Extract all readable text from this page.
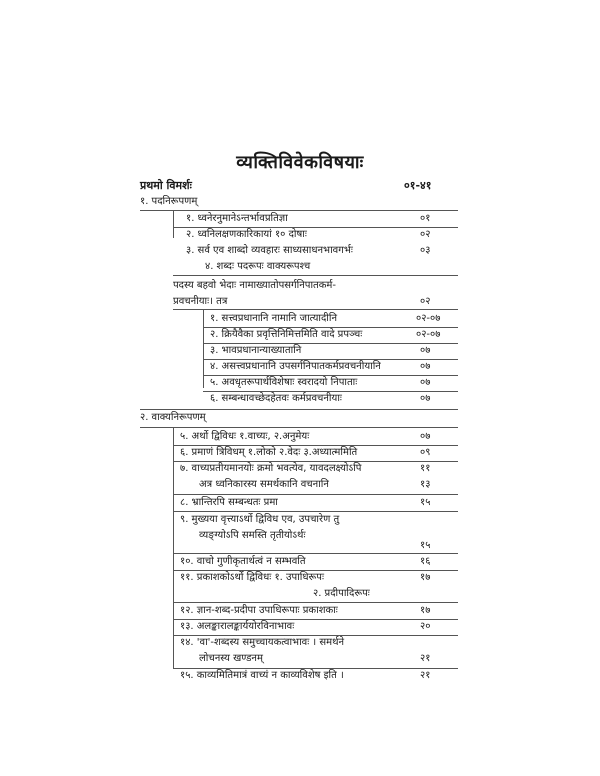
व्यक्तिविवेकविषयाः
प्रथमो विमर्शः	०१-४१
१. पदनिरूपणम्
१. ध्वनेरनुमानेऽन्तर्भावप्रतिज्ञा	०१
२. ध्वनिलक्षणकारिकायां १० दोषाः	०२
३. सर्व एव शाब्दो व्यवहारः साध्यसाधनभावगर्भः	०३
४. शब्दः पदरूपः वाक्यरूपश्च
पदस्य बहवो भेदाः नामाख्यातोपसर्गनिपातकर्म-
प्रवचनीयाः। तत्र	०२
१. सत्त्वप्रधानानि नामानि जात्यादीनि	०२-०७
२. क्रियैवैका प्रवृत्तिनिमित्तमिति वादे प्रपञ्चः	०२-०७
३. भावप्रधानान्याख्यातानि	०७
४. असत्त्वप्रधानानि उपसर्गनिपातकर्मप्रवचनीयानि	०७
५. अवधृतरूपार्थविशेषाः स्वरादयो निपाताः	०७
६. सम्बन्धावच्छेदहेतवः कर्मप्रवचनीयाः	०७
२. वाक्यनिरूपणम्
५. अर्थो द्विविधः १.वाच्यः, २.अनुमेयः	०७
६. प्रमाणं त्रिविधम् १.लोको २.वेदः ३.अध्यात्ममिति	०९
७. वाच्यप्रतीयमानयोः क्रमो भवत्येव, यावदलक्ष्योऽपि	११
अत्र ध्वनिकारस्य समर्थकानि वचनानि	१३
८. भ्रान्तिरपि सम्बन्धतः प्रमा	१५
९. मुख्यया वृत्त्याऽर्थो द्विविध एव, उपचारेण तु
व्यङ्ग्योऽपि समस्ति तृतीयोऽर्थः
१५
१०. वाचो गुणीकृतार्थत्वं न सम्भवति	१६
११. प्रकाशकोऽर्थो द्विविधः १. उपाधिरूपः	१७
२. प्रदीपादिरूपः
१२. ज्ञान-शब्द-प्रदीपा उपाधिरूपाः प्रकाशकाः	१७
१३. अलङ्कारालङ्कार्ययोरविनाभावः	२०
१४. 'वा'-शब्दस्य समुच्चायकत्वाभावः । समर्थने
लोचनस्य खण्डनम्	२१
१५. काव्यमितिमात्रं वाच्यं न काव्यविशेष इति ।	२१
